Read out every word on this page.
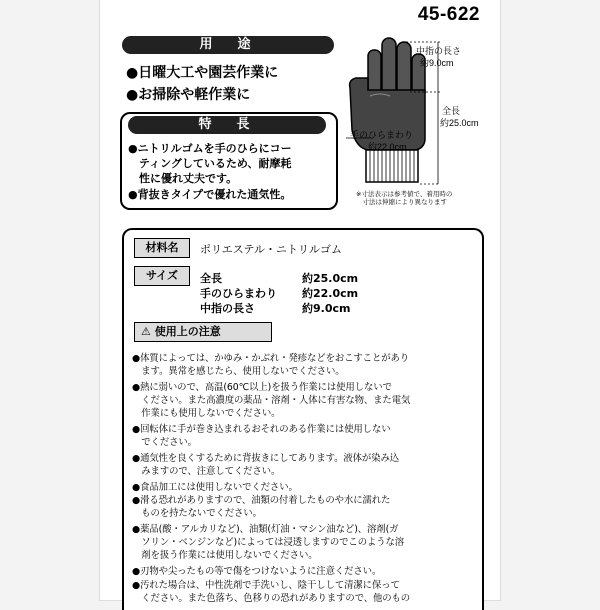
45-622
用　途
●日曜大工や園芸作業に
●お掃除や軽作業に
●ニトリルゴムを手のひらにコー
　ティングしているため、耐摩耗
　性に優れ丈夫です。
●背抜きタイプで優れた通気性。
特　長
中指の長さ
約9.0cm
全長
約25.0cm
手のひらまわり
約22.0cm
※寸法表示は参考値で、着用時の
　寸法は伸縮により異なります
材料名	ポリエステル・ニトリルゴム
サイズ	全長	約25.0cm
手のひらまわり 約22.0cm
中指の長さ	約9.0cm
⚠ 使用上の注意
●体質によっては、かゆみ・かぶれ・発疹などをおこすことがあり
　ます。異常を感じたら、使用しないでください。
●熱に弱いので、高温(60℃以上)を扱う作業には使用しないで
　ください。また高濃度の薬品・溶剤・人体に有害な物、また電気
　作業にも使用しないでください。
●回転体に手が巻き込まれるおそれのある作業には使用しない
　でください。
●通気性を良くするために背抜きにしてあります。液体が染み込
　みますので、注意してください。
●食品加工には使用しないでください。
●滑る恐れがありますので、油類の付着したものや水に濡れた
　ものを持たないでください。
●薬品(酸・アルカリなど)、油類(灯油・マシン油など)、溶剤(ガ
　ソリン・ベンジンなど)によっては浸透しますのでこのような溶
　剤を扱う作業には使用しないでください。
●刃物や尖ったもの等で傷をつけないように注意ください。
●汚れた場合は、中性洗剤で手洗いし、陰干しして清潔に保って
　ください。また色落ち、色移りの恐れがありますので、他のもの
